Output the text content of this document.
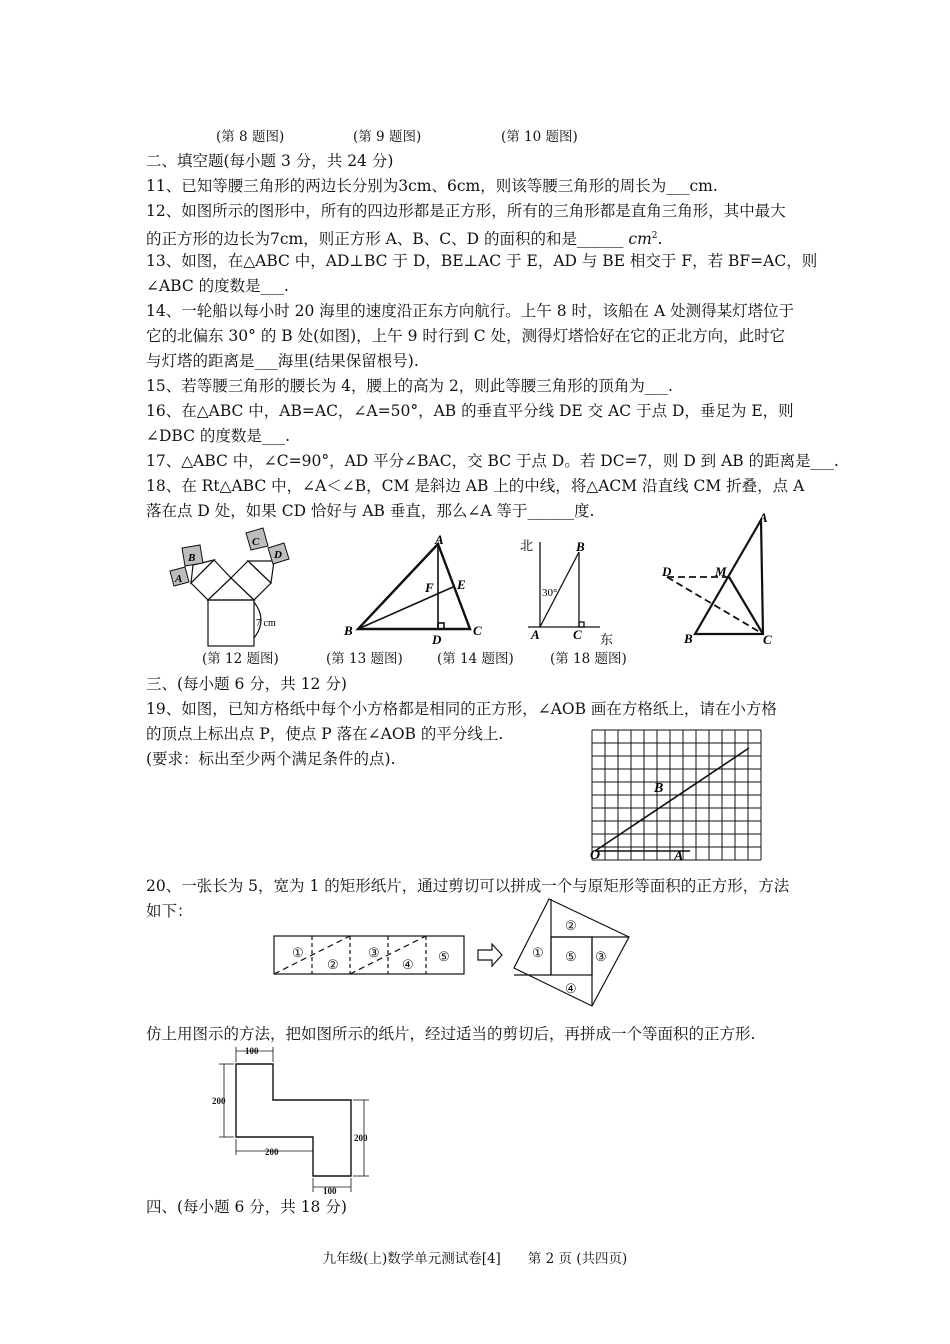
(第 8 题图)	(第 9 题图)	(第 10 题图)
二、填空题(每小题 3 分，共 24 分)
11、已知等腰三角形的两边长分别为3cm、6cm，则该等腰三角形的周长为___cm.
12、如图所示的图形中，所有的四边形都是正方形，所有的三角形都是直角三角形，其中最大
的正方形的边长为7cm，则正方形 A、B、C、D 的面积的和是______ $cm^2$.
13、如图，在△ABC 中，AD⊥BC 于 D，BE⊥AC 于 E，AD 与 BE 相交于 F，若 BF=AC，则
∠ABC 的度数是___.
14、一轮船以每小时 20 海里的速度沿正东方向航行。上午 8 时，该船在 A 处测得某灯塔位于
它的北偏东 30° 的 B 处(如图)，上午 9 时行到 C 处，测得灯塔恰好在它的正北方向，此时它
与灯塔的距离是___海里(结果保留根号).
15、若等腰三角形的腰长为 4，腰上的高为 2，则此等腰三角形的顶角为___.
16、在△ABC 中，AB=AC，∠A=50°，AB 的垂直平分线 DE 交 AC 于点 D，垂足为 E，则
∠DBC 的度数是___.
17、△ABC 中，∠C=90°，AD 平分∠BAC，交 BC 于点 D。若 DC=7，则 D 到 AB 的距离是___.
18、在 Rt△ABC 中，∠A＜∠B，CM 是斜边 AB 上的中线，将△ACM 沿直线 CM 折叠，点 A
落在点 D 处，如果 CD 恰好与 AB 垂直，那么∠A 等于______度.
A
B
C
D
7 cm
A
B	C
D
E
F
北
东
A
B
C
30°
A
B	C
D	M
(第 12 题图)	(第 13 题图)	(第 14 题图)	(第 18 题图)
三、(每小题 6 分，共 12 分)
19、如图，已知方格纸中每个小方格都是相同的正方形，∠AOB 画在方格纸上，请在小方格
的顶点上标出点 P，使点 P 落在∠AOB 的平分线上.
(要求：标出至少两个满足条件的点).
O	A
B
20、一张长为 5，宽为 1 的矩形纸片，通过剪切可以拼成一个与原矩形等面积的正方形，方法
如下：
①
②
③
④
⑤	①
②
⑤ ③
④
仿上用图示的方法，把如图所示的纸片，经过适当的剪切后，再拼成一个等面积的正方形.
100
200
200
200
100
四、(每小题 6 分，共 18 分)
九年级(上)数学单元测试卷[4]　　第 2 页 (共四页)
